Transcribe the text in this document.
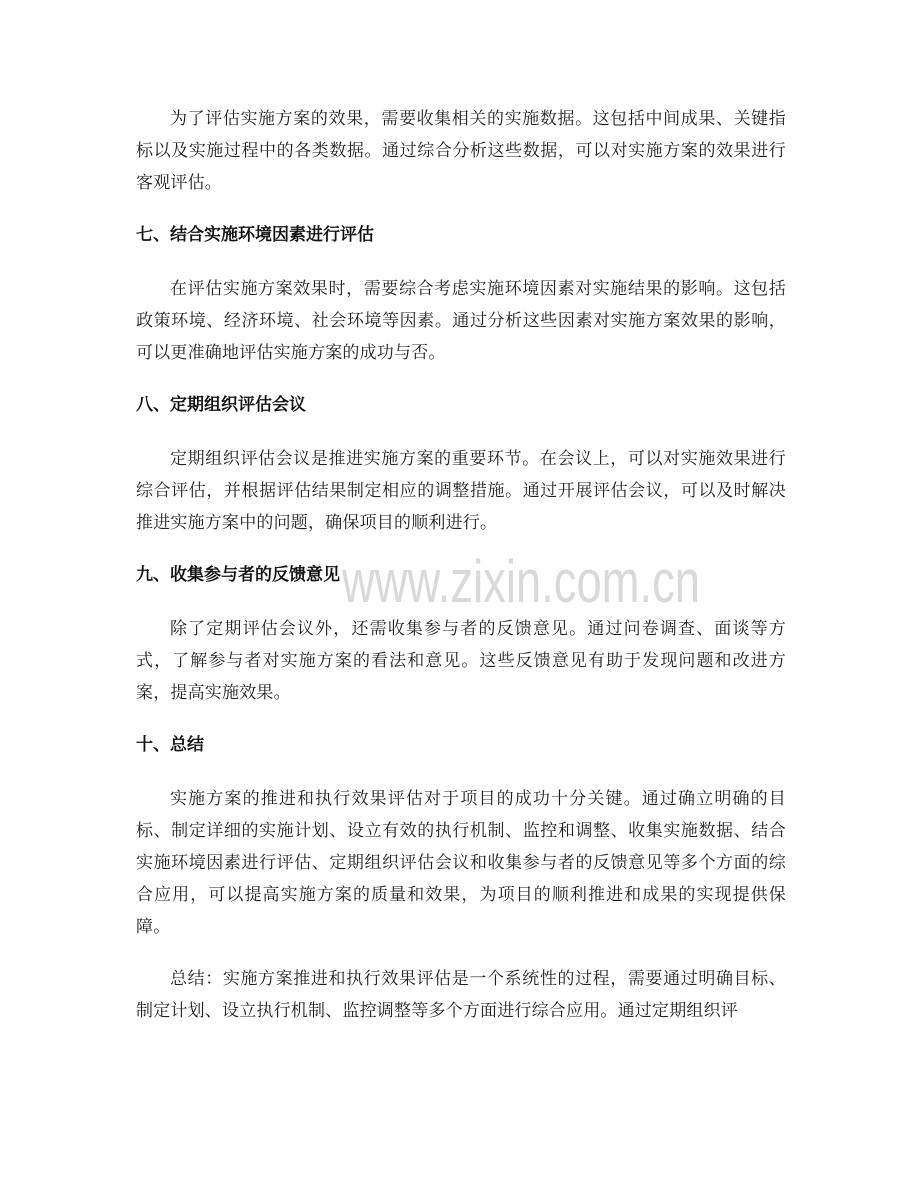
为了评估实施方案的效果，需要收集相关的实施数据。这包括中间成果、关键指标以及实施过程中的各类数据。通过综合分析这些数据，可以对实施方案的效果进行客观评估。

七、结合实施环境因素进行评估

在评估实施方案效果时，需要综合考虑实施环境因素对实施结果的影响。这包括政策环境、经济环境、社会环境等因素。通过分析这些因素对实施方案效果的影响，可以更准确地评估实施方案的成功与否。

八、定期组织评估会议

定期组织评估会议是推进实施方案的重要环节。在会议上，可以对实施效果进行综合评估，并根据评估结果制定相应的调整措施。通过开展评估会议，可以及时解决推进实施方案中的问题，确保项目的顺利进行。

九、收集参与者的反馈意见

除了定期评估会议外，还需收集参与者的反馈意见。通过问卷调查、面谈等方式，了解参与者对实施方案的看法和意见。这些反馈意见有助于发现问题和改进方案，提高实施效果。

十、总结

实施方案的推进和执行效果评估对于项目的成功十分关键。通过确立明确的目标、制定详细的实施计划、设立有效的执行机制、监控和调整、收集实施数据、结合实施环境因素进行评估、定期组织评估会议和收集参与者的反馈意见等多个方面的综合应用，可以提高实施方案的质量和效果，为项目的顺利推进和成果的实现提供保障。

总结：实施方案推进和执行效果评估是一个系统性的过程，需要通过明确目标、制定计划、设立执行机制、监控调整等多个方面进行综合应用。通过定期组织评

www.zixin.com.cn
